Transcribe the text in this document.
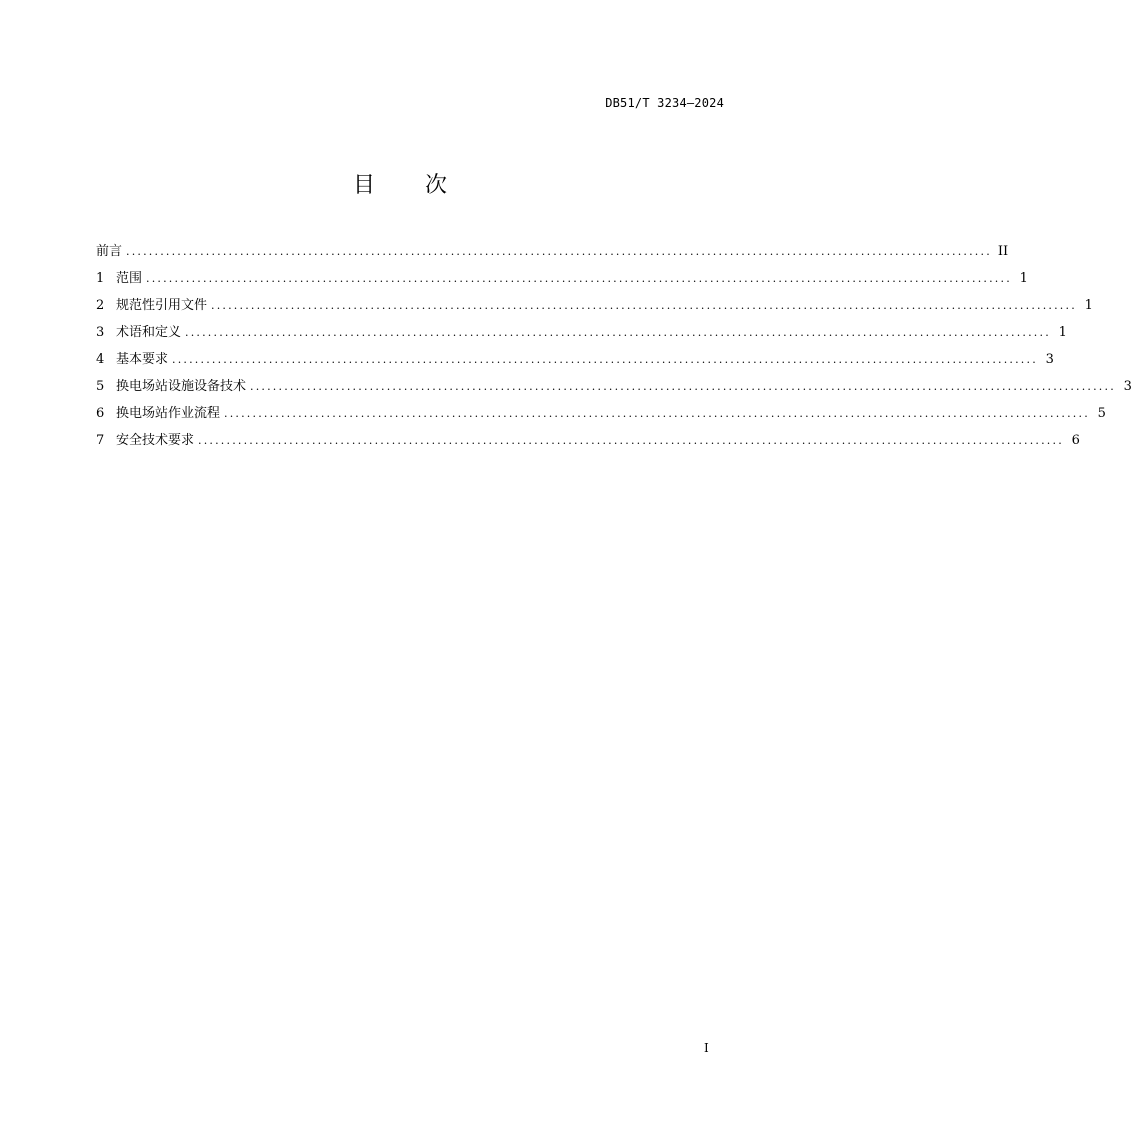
DB51/T 3234—2024
目次
前言 ........................................................................................................................................................ II
1 范围 ........................................................................................................................................................ 1
2 规范性引用文件 ........................................................................................................................................................ 1
3 术语和定义 ........................................................................................................................................................ 1
4 基本要求 ........................................................................................................................................................ 3
5 换电场站设施设备技术 ........................................................................................................................................................ 3
6 换电场站作业流程 ........................................................................................................................................................ 5
7 安全技术要求 ........................................................................................................................................................ 6
I
